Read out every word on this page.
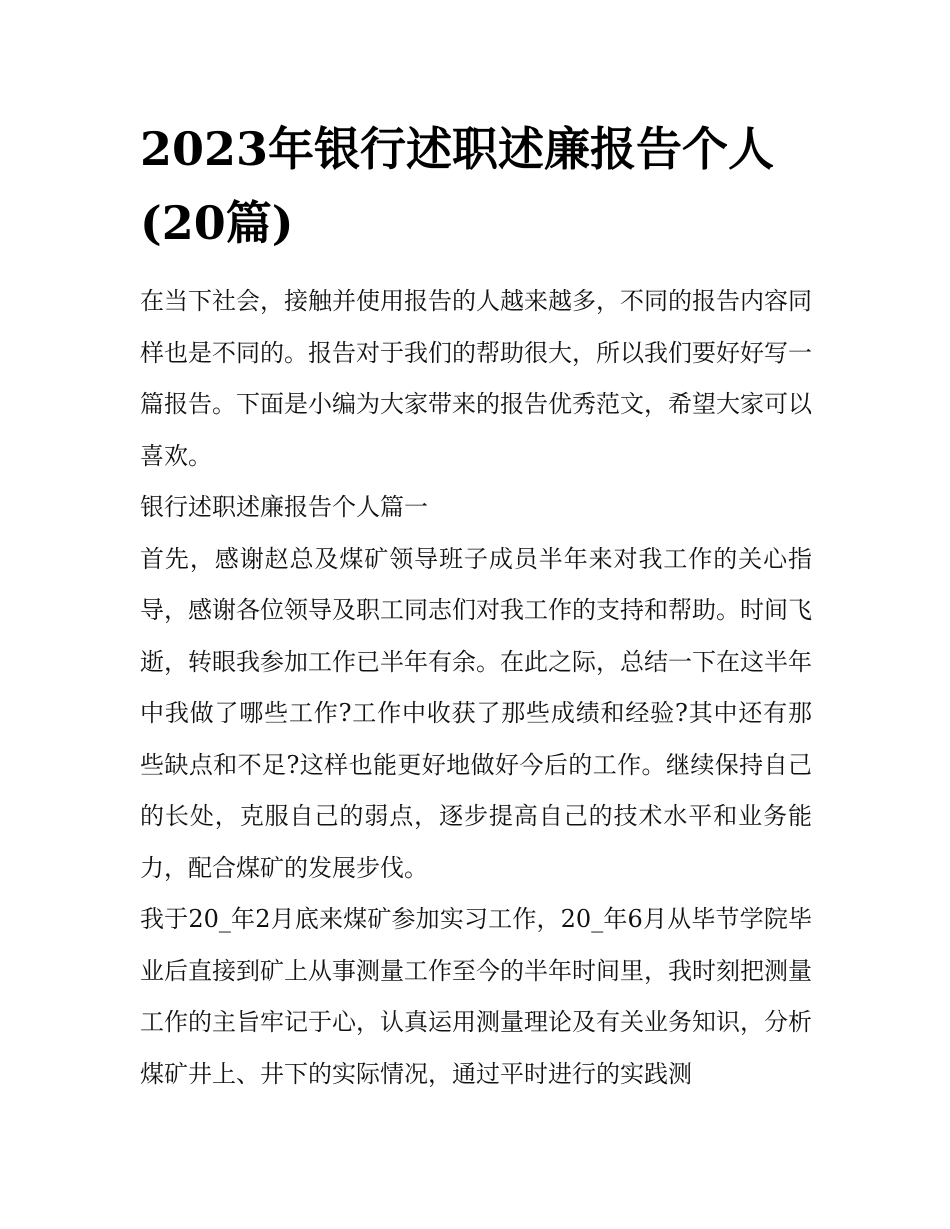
2023年银行述职述廉报告个人(20篇)

在当下社会，接触并使用报告的人越来越多，不同的报告内容同样也是不同的。报告对于我们的帮助很大，所以我们要好好写一篇报告。下面是小编为大家带来的报告优秀范文，希望大家可以喜欢。

银行述职述廉报告个人篇一

首先，感谢赵总及煤矿领导班子成员半年来对我工作的关心指导，感谢各位领导及职工同志们对我工作的支持和帮助。时间飞逝，转眼我参加工作已半年有余。在此之际，总结一下在这半年中我做了哪些工作?工作中收获了那些成绩和经验?其中还有那些缺点和不足?这样也能更好地做好今后的工作。继续保持自己的长处，克服自己的弱点，逐步提高自己的技术水平和业务能力，配合煤矿的发展步伐。

我于20_年2月底来煤矿参加实习工作，20_年6月从毕节学院毕业后直接到矿上从事测量工作至今的半年时间里，我时刻把测量工作的主旨牢记于心，认真运用测量理论及有关业务知识，分析煤矿井上、井下的实际情况，通过平时进行的实践测
